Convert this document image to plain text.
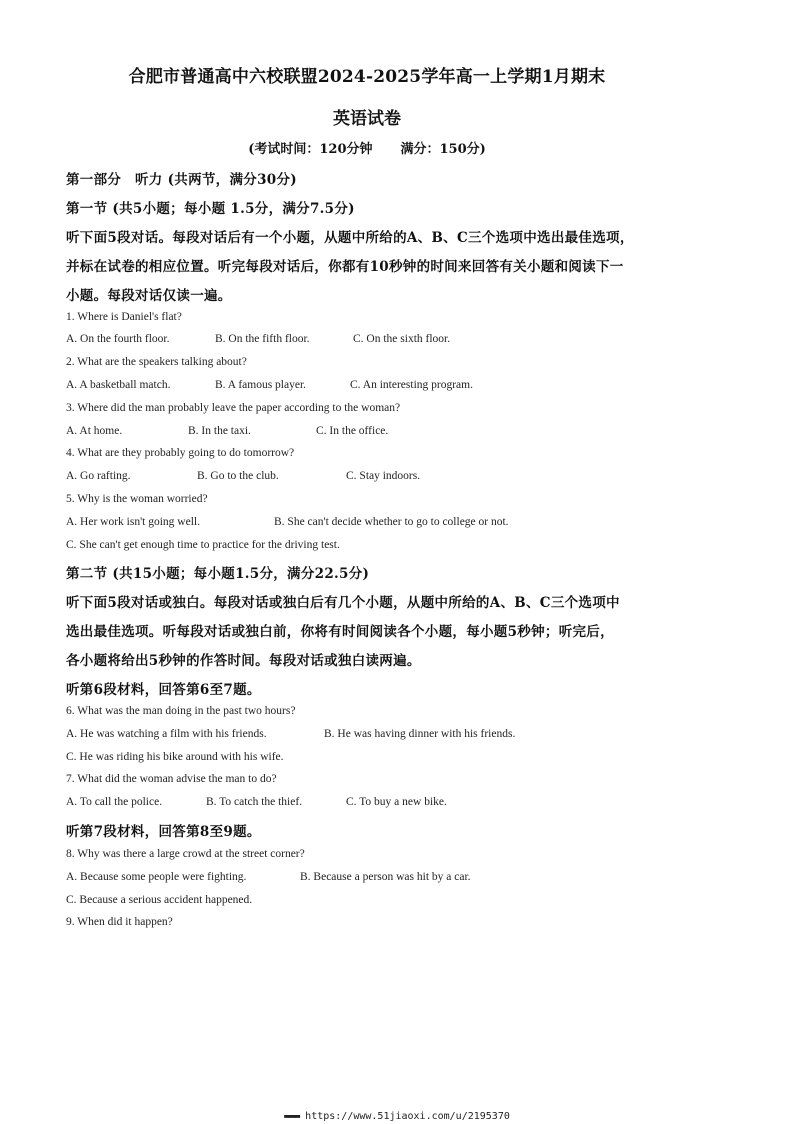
合肥市普通高中六校联盟2024-2025学年高一上学期1月期末
英语试卷
(考试时间：120分钟 满分：150分)
第一部分　听力 (共两节，满分30分)
第一节 (共5小题；每小题 1.5分，满分7.5分)
听下面5段对话。每段对话后有一个小题，从题中所给的A、B、C三个选项中选出最佳选项，
并标在试卷的相应位置。听完每段对话后，你都有10秒钟的时间来回答有关小题和阅读下一
小题。每段对话仅读一遍。
1. Where is Daniel's flat?
A. On the fourth floor.	B. On the fifth floor.	C. On the sixth floor.
2. What are the speakers talking about?
A. A basketball match.	B. A famous player.	C. An interesting program.
3. Where did the man probably leave the paper according to the woman?
A. At home.	B. In the taxi.	C. In the office.
4. What are they probably going to do tomorrow?
A. Go rafting.	B. Go to the club.	C. Stay indoors.
5. Why is the woman worried?
A. Her work isn't going well.	B. She can't decide whether to go to college or not.
C. She can't get enough time to practice for the driving test.
第二节 (共15小题；每小题1.5分，满分22.5分)
听下面5段对话或独白。每段对话或独白后有几个小题，从题中所给的A、B、C三个选项中
选出最佳选项。听每段对话或独白前，你将有时间阅读各个小题，每小题5秒钟；听完后，
各小题将给出5秒钟的作答时间。每段对话或独白读两遍。
听第6段材料，回答第6至7题。
6. What was the man doing in the past two hours?
A. He was watching a film with his friends.	B. He was having dinner with his friends.
C. He was riding his bike around with his wife.
7. What did the woman advise the man to do?
A. To call the police.	B. To catch the thief.	C. To buy a new bike.
听第7段材料，回答第8至9题。
8. Why was there a large crowd at the street corner?
A. Because some people were fighting.	B. Because a person was hit by a car.
C. Because a serious accident happened.
9. When did it happen?
▬▬▬ https://www.51jiaoxi.com/u/2195370
